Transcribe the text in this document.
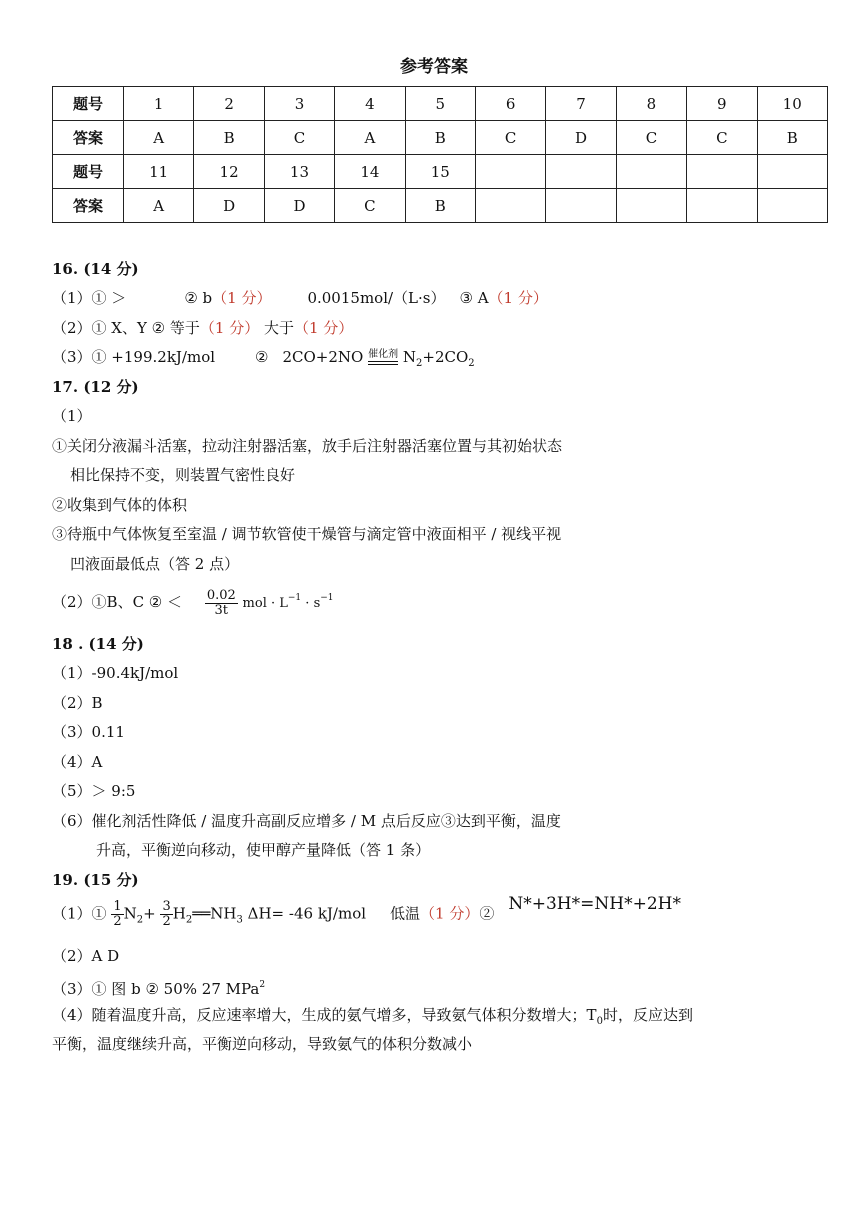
参考答案
题号	1	2	3	4	5	6	7	8	9	10
答案	A	B	C	A	B	C	D	C	C	B
题号	11	12	13	14	15					
答案	A	D	D	C	B					
16. (14 分)
（1）① ＞	② b（1 分） 0.0015mol/（L·s） ③ A（1 分）
（2）① X、Y ② 等于（1 分） 大于（1 分）
（3）① +199.2kJ/mol	② 2CO+2NO 催化剂 $N_2+2CO_2$
17. (12 分)
（1）
①关闭分液漏斗活塞，拉动注射器活塞，放手后注射器活塞位置与其初始状态
相比保持不变，则装置气密性良好
②收集到气体的体积
③待瓶中气体恢复至室温 / 调节软管使干燥管与滴定管中液面相平 / 视线平视
凹液面最低点（答 2 点）
（2）①B、C ② ＜ $\frac{0.02}{3t}$ mol · $L^{-1} \cdot s^{-1}$
18 . (14 分)
（1）-90.4kJ/mol
（2）B
（3）0.11
（4）A
（5）＞ 9:5
（6）催化剂活性降低 / 温度升高副反应增多 / M 点后反应③达到平衡，温度
升高，平衡逆向移动，使甲醇产量降低（答 1 条）
19. (15 分)
（1）① $\frac{1}{2} N_2+ \frac{3}{2}$ $H_2══NH_3$ ΔH= -46 kJ/mol 低温（1 分）② N*+3H*=NH*+2H*
（2）A D
（3）① 图 b ② 50% 27 MPa$^2$
（4）随着温度升高，反应速率增大，生成的氨气增多，导致氨气体积分数增大；$T_0$时，反应达到
平衡，温度继续升高，平衡逆向移动，导致氨气的体积分数减小
